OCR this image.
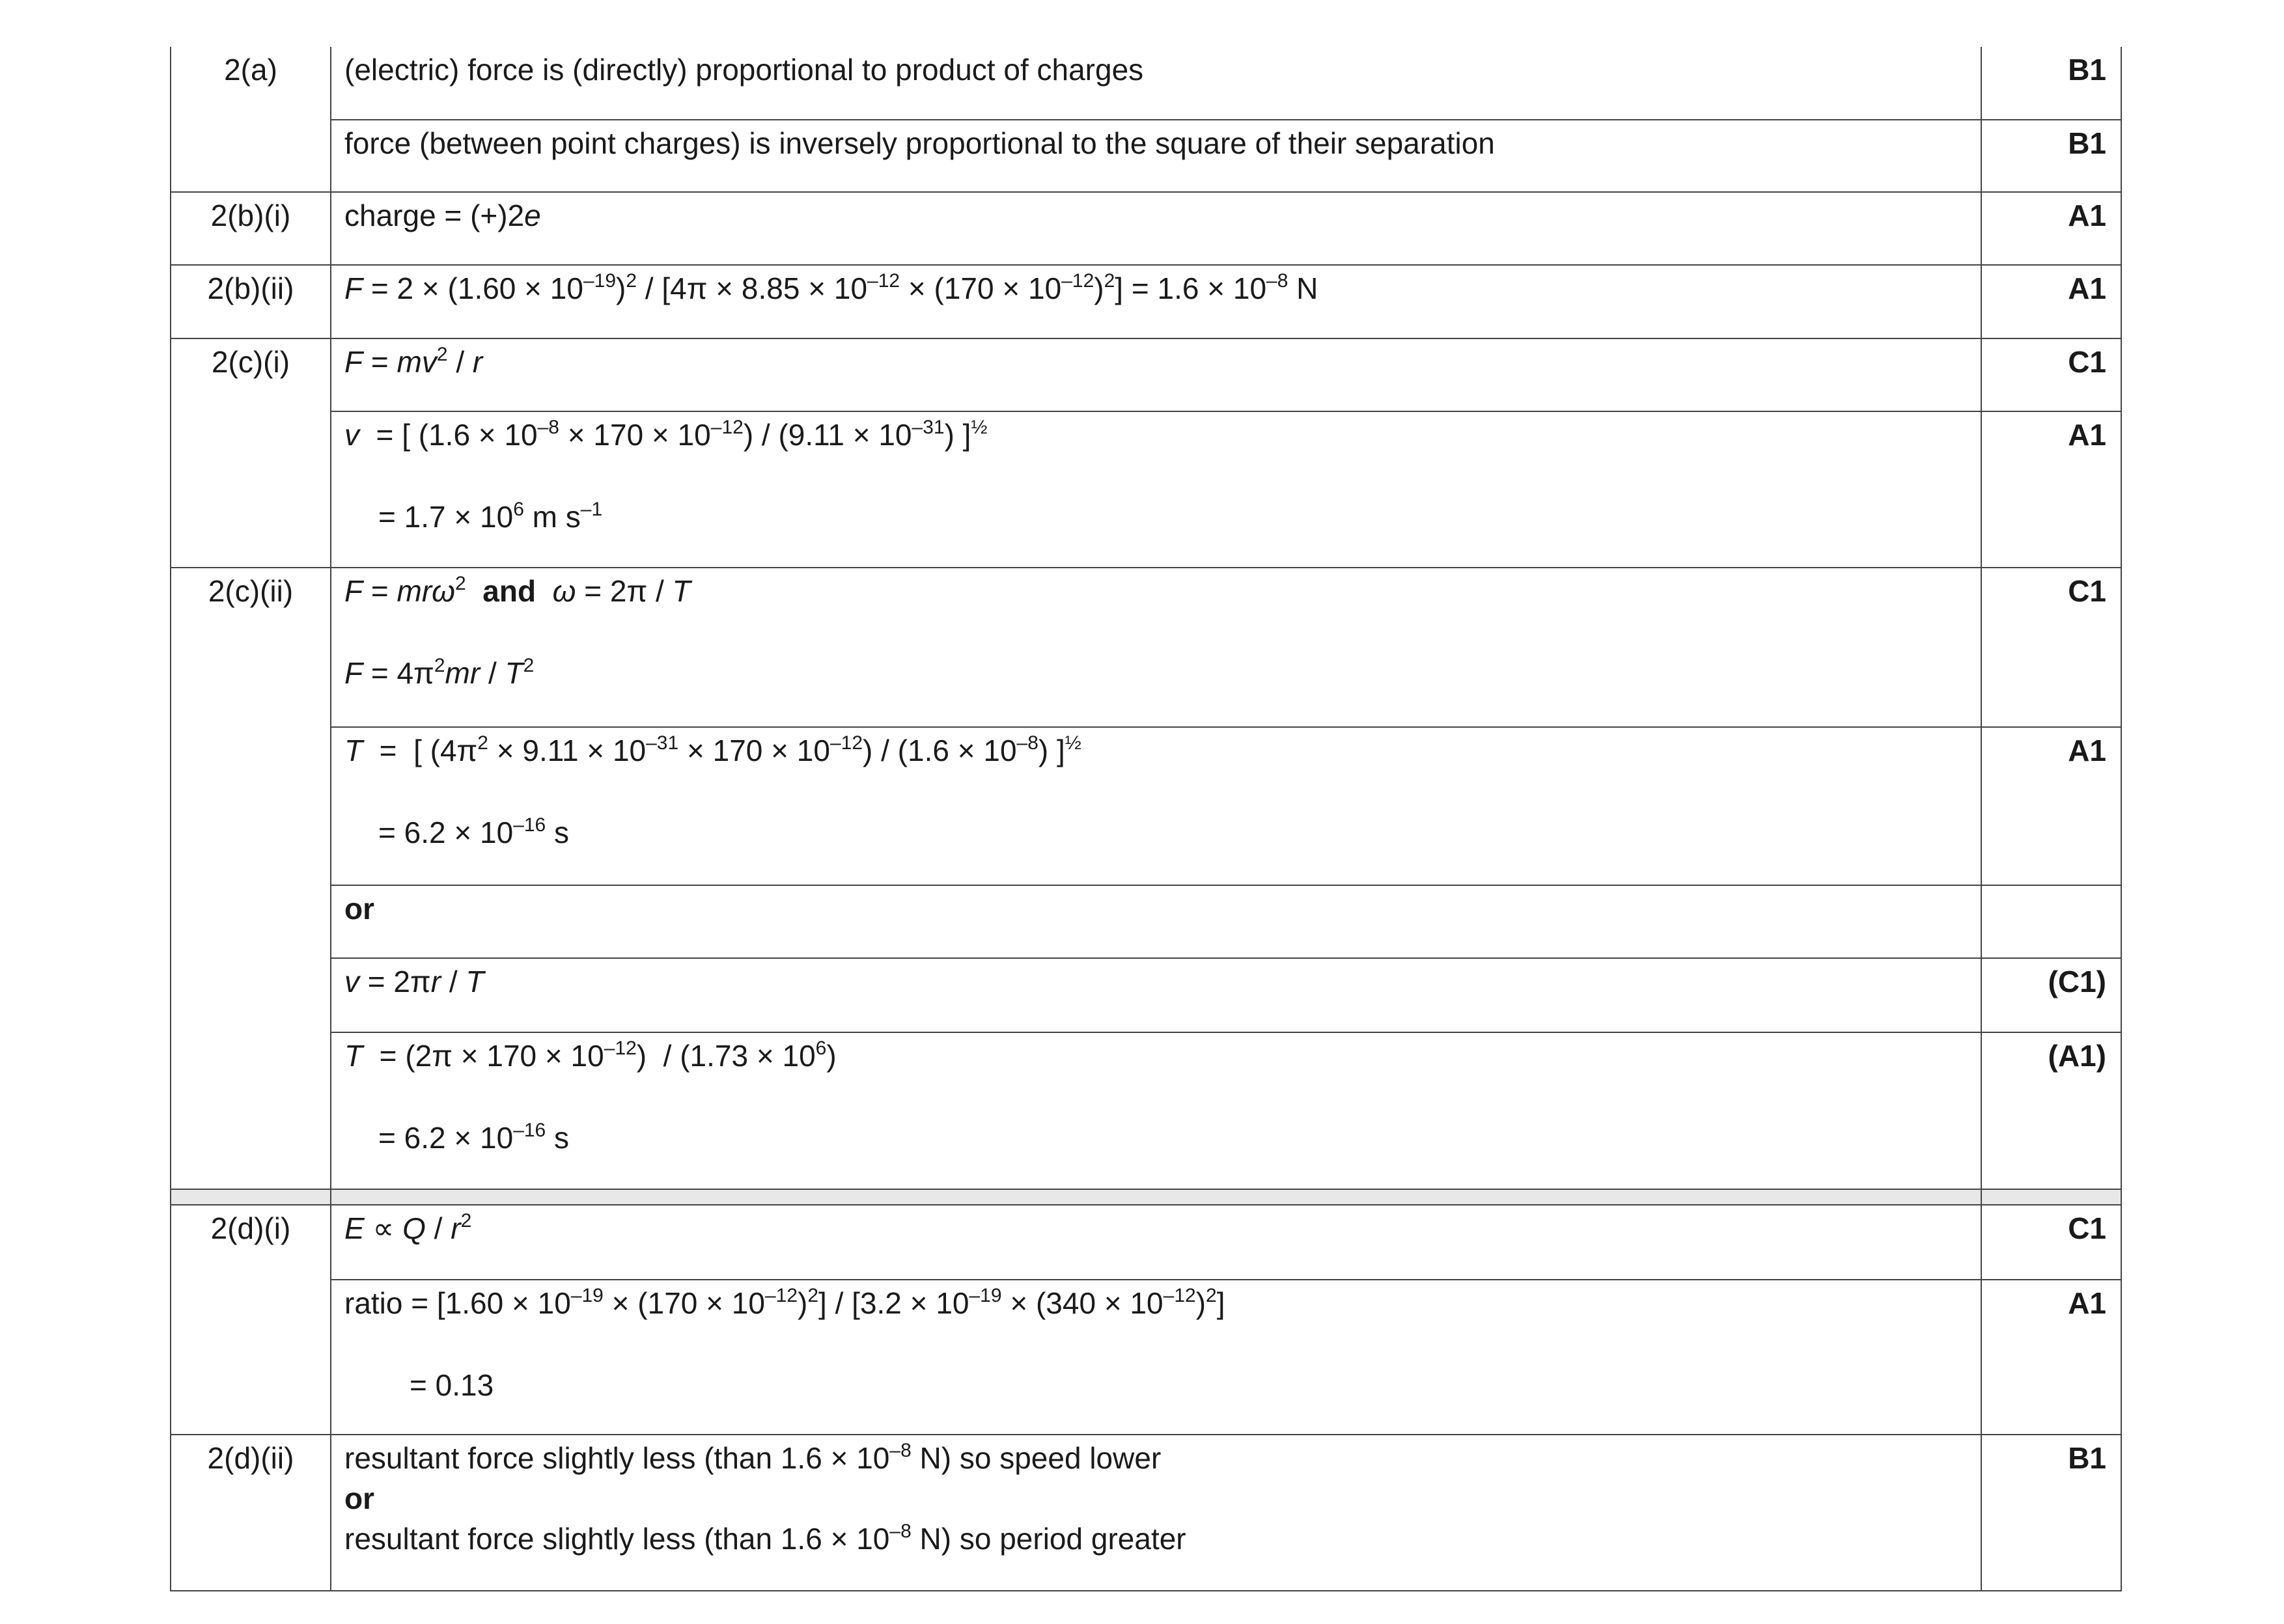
2(a)	(electric) force is (directly) proportional to product of charges	B1
	force (between point charges) is inversely proportional to the square of their separation	B1
2(b)(i)	charge = (+)2e	A1
2(b)(ii)	$F = 2 \times (1.60 \times 10^{-19})^2 / [4\pi \times 8.85 \times 10^{-12} \times (170 \times 10^{-12})^2] = 1.6 \times 10^{-8}$ N	A1
2(c)(i)	$F = mv^2 / r$	C1

	v  = [ $(1.6 \times 10^{-8} \times 170 \times 10^{-12}) / (9.11 \times 10^{-31})$ ]$^{\frac{1}{2}}$
= $1.7 \times 10^6$ m $s^{-1}$	A1
2(c)(ii)	F = mrω$^2$ and ω = 2π / T
$F = 4\pi^2mr / T^2$	C1

	T  =  [ $(4\pi^2 \times 9.11 \times 10^{-31} \times 170 \times 10^{-12}) / (1.6 \times 10^{-8})$ ]$^{\frac{1}{2}}$
= $6.2 \times 10^{-16}$ s	A1
	or	
	v = 2πr / T	(C1)

	$T = (2\pi \times 170 \times 10^{-12}) / (1.73 \times 10^6)$
= $6.2 \times 10^{-16}$ s	(A1)

2(d)(i)	$E \propto Q / r^2$	C1

	ratio = $[1.60 \times 10^{-19} \times (170 \times 10^{-12})^2] / [3.2 \times 10^{-19} \times (340 \times 10^{-12})^2]$
= 0.13	A1
2(d)(ii)	resultant force slightly less (than $1.6 \times 10^{-8}$ N) so speed lower
or
resultant force slightly less (than $1.6 \times 10^{-8}$ N) so period greater	B1
